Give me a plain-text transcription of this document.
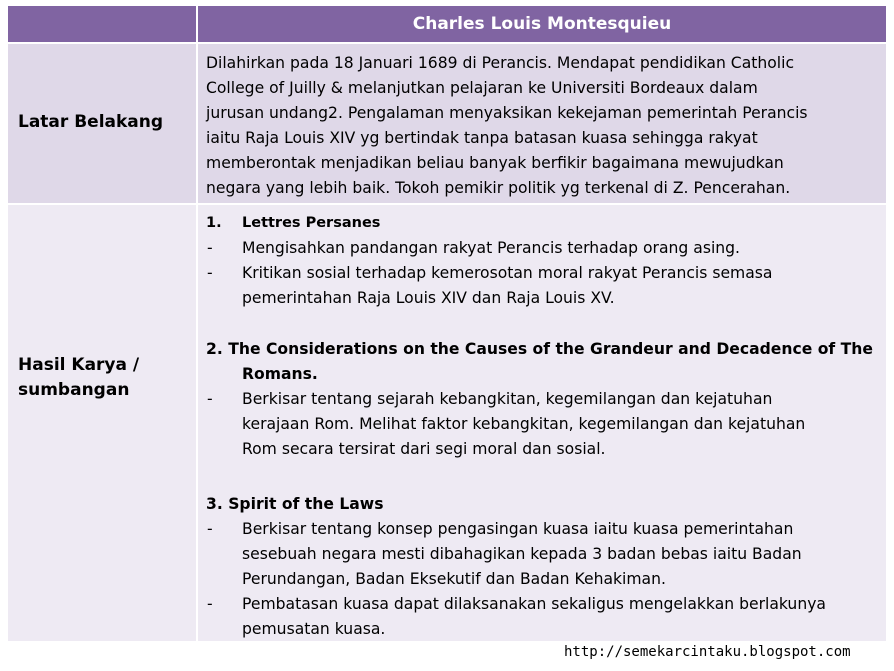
Charles Louis Montesquieu
Latar Belakang
Dilahirkan pada 18 Januari 1689 di Perancis. Mendapat pendidikan Catholic
College of Juilly & melanjutkan pelajaran ke Universiti Bordeaux dalam
jurusan undang2. Pengalaman menyaksikan kekejaman pemerintah Perancis
iaitu Raja Louis XIV yg bertindak tanpa batasan kuasa sehingga rakyat
memberontak menjadikan beliau banyak berfikir bagaimana mewujudkan
negara yang lebih baik. Tokoh pemikir politik yg terkenal di Z. Pencerahan.
Hasil Karya /
sumbangan
1. Lettres Persanes
- Mengisahkan pandangan rakyat Perancis terhadap orang asing.
- Kritikan sosial terhadap kemerosotan moral rakyat Perancis semasa
pemerintahan Raja Louis XIV dan Raja Louis XV.
2. The Considerations on the Causes of the Grandeur and Decadence of The
Romans.
- Berkisar tentang sejarah kebangkitan, kegemilangan dan kejatuhan
kerajaan Rom. Melihat faktor kebangkitan, kegemilangan dan kejatuhan
Rom secara tersirat dari segi moral dan sosial.
3. Spirit of the Laws
- Berkisar tentang konsep pengasingan kuasa iaitu kuasa pemerintahan
sesebuah negara mesti dibahagikan kepada 3 badan bebas iaitu Badan
Perundangan, Badan Eksekutif dan Badan Kehakiman.
- Pembatasan kuasa dapat dilaksanakan sekaligus mengelakkan berlakunya
pemusatan kuasa.
http://semekarcintaku.blogspot.com
